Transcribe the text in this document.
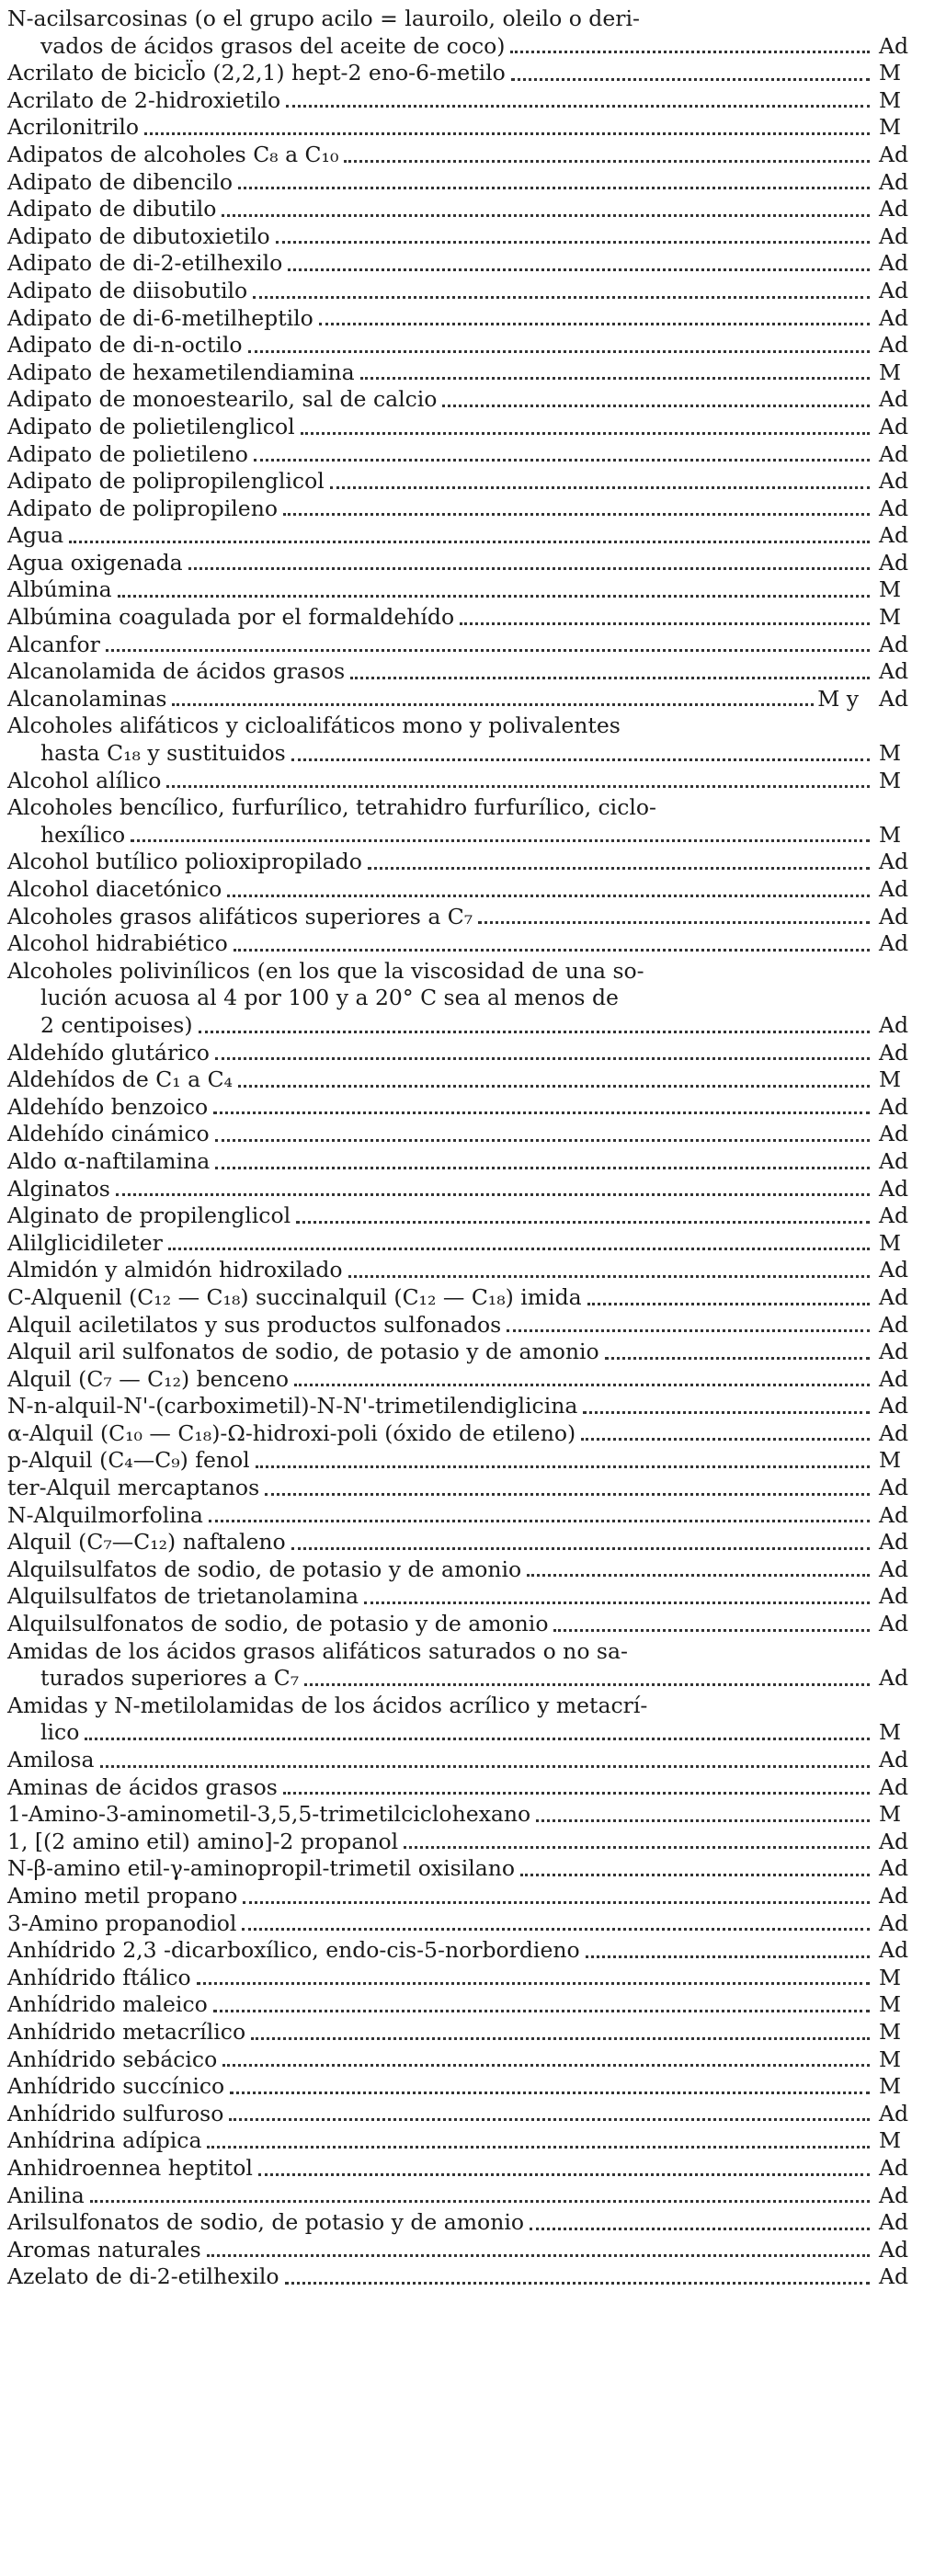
N-acilsarcosinas (o el grupo acilo = lauroilo, oleilo o deri-
vados de ácidos grasos del aceite de coco)	Ad
Acrilato de bicicl̈o (2,2,1) hept-2 eno-6-metilo	M
Acrilato de 2-hidroxietilo	M
Acrilonitrilo	M
Adipatos de alcoholes C₈ a C₁₀	Ad
Adipato de dibencilo	Ad
Adipato de dibutilo	Ad
Adipato de dibutoxietilo	Ad
Adipato de di-2-etilhexilo	Ad
Adipato de diisobutilo	Ad
Adipato de di-6-metilheptilo	Ad
Adipato de di-n-octilo	Ad
Adipato de hexametilendiamina	M
Adipato de monoestearilo, sal de calcio	Ad
Adipato de polietilenglicol	Ad
Adipato de polietileno	Ad
Adipato de polipropilenglicol	Ad
Adipato de polipropileno	Ad
Agua	Ad
Agua oxigenada	Ad
Albúmina	M
Albúmina coagulada por el formaldehído	M
Alcanfor	Ad
Alcanolamida de ácidos grasos	Ad
Alcanolaminas	M y Ad
Alcoholes alifáticos y cicloalifáticos mono y polivalentes
hasta C₁₈ y sustituidos	M
Alcohol alílico	M
Alcoholes bencílico, furfurílico, tetrahidro furfurílico, ciclo-
hexílico	M
Alcohol butílico polioxipropilado	Ad
Alcohol diacetónico	Ad
Alcoholes grasos alifáticos superiores a C₇	Ad
Alcohol hidrabiético	Ad
Alcoholes polivinílicos (en los que la viscosidad de una so-
lución acuosa al 4 por 100 y a 20° C sea al menos de
2 centipoises)	Ad
Aldehído glutárico	Ad
Aldehídos de C₁ a C₄	M
Aldehído benzoico	Ad
Aldehído cinámico	Ad
Aldo α-naftilamina	Ad
Alginatos	Ad
Alginato de propilenglicol	Ad
Alilglicidileter	M
Almidón y almidón hidroxilado	Ad
C-Alquenil (C₁₂ — C₁₈) succinalquil (C₁₂ — C₁₈) imida	Ad
Alquil aciletilatos y sus productos sulfonados	Ad
Alquil aril sulfonatos de sodio, de potasio y de amonio	Ad
Alquil (C₇ — C₁₂) benceno	Ad
N-n-alquil-N'-(carboximetil)-N-N'-trimetilendiglicina	Ad
α-Alquil (C₁₀ — C₁₈)-Ω-hidroxi-poli (óxido de etileno)	Ad
p-Alquil (C₄—C₉) fenol	M
ter-Alquil mercaptanos	Ad
N-Alquilmorfolina	Ad
Alquil (C₇—C₁₂) naftaleno	Ad
Alquilsulfatos de sodio, de potasio y de amonio	Ad
Alquilsulfatos de trietanolamina	Ad
Alquilsulfonatos de sodio, de potasio y de amonio	Ad
Amidas de los ácidos grasos alifáticos saturados o no sa-
turados superiores a C₇	Ad
Amidas y N-metilolamidas de los ácidos acrílico y metacrí-
lico	M
Amilosa	Ad
Aminas de ácidos grasos	Ad
1-Amino-3-aminometil-3,5,5-trimetilciclohexano	M
1, [(2 amino etil) amino]-2 propanol	Ad
N-β-amino etil-γ-aminopropil-trimetil oxisilano	Ad
Amino metil propano	Ad
3-Amino propanodiol	Ad
Anhídrido 2,3 -dicarboxílico, endo-cis-5-norbordieno	Ad
Anhídrido ftálico	M
Anhídrido maleico	M
Anhídrido metacrílico	M
Anhídrido sebácico	M
Anhídrido succínico	M
Anhídrido sulfuroso	Ad
Anhídrina adípica	M
Anhidroennea heptitol	Ad
Anilina	Ad
Arilsulfonatos de sodio, de potasio y de amonio	Ad
Aromas naturales	Ad
Azelato de di-2-etilhexilo	Ad
